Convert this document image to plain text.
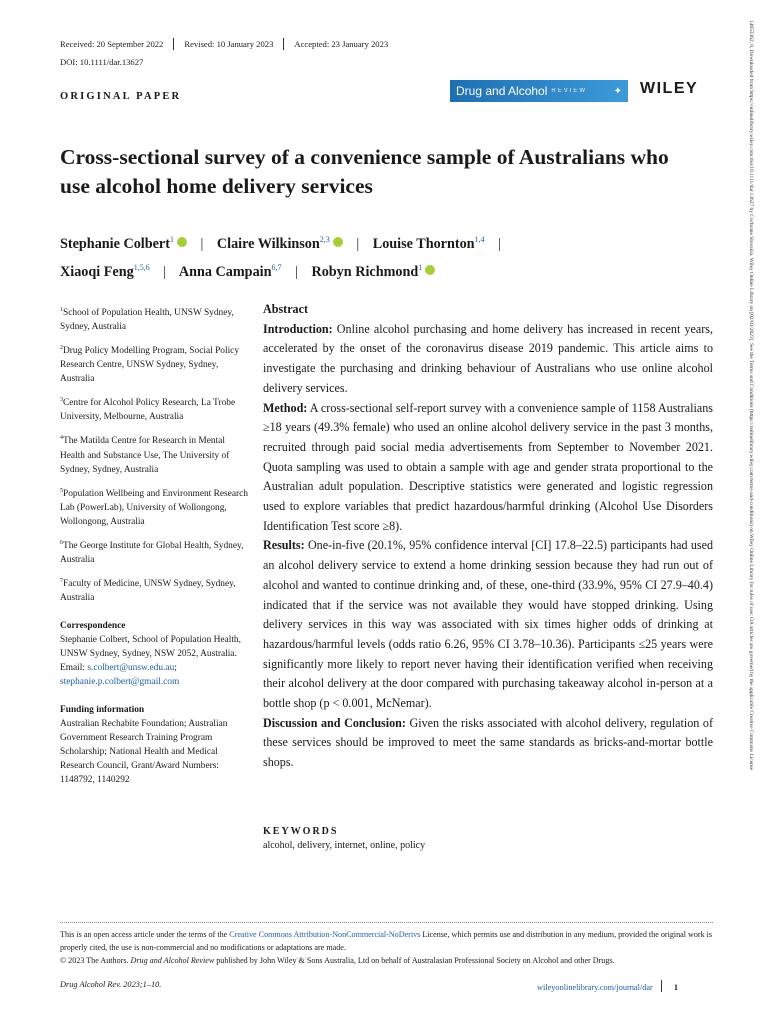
Received: 20 September 2022	Revised: 10 January 2023	Accepted: 23 January 2023
DOI: 10.1111/dar.13627
ORIGINAL PAPER	Drug and Alcohol REVIEW	✦ WILEY
Cross-sectional survey of a convenience sample of Australians who use alcohol home delivery services
Stephanie Colbert$^1$ | Claire Wilkinson$^{2,3}$ | Louise Thornton$^{1,4}$ |
Xiaoqi Feng$^{1,5,6}$ | Anna Campain$^{6,7}$ | Robyn Richmond$^1$

$^1$School of Population Health, UNSW Sydney, Sydney, Australia

$^2$Drug Policy Modelling Program, Social Policy Research Centre, UNSW Sydney, Sydney, Australia

$^3$Centre for Alcohol Policy Research, La Trobe University, Melbourne, Australia

$^4$The Matilda Centre for Research in Mental Health and Substance Use, The University of Sydney, Sydney, Australia

$^5$Population Wellbeing and Environment Research Lab (PowerLab), University of Wollongong, Wollongong, Australia

$^6$The George Institute for Global Health, Sydney, Australia

$^7$Faculty of Medicine, UNSW Sydney, Sydney, Australia

Correspondence

Stephanie Colbert, School of Population Health, UNSW Sydney, Sydney, NSW 2052, Australia.
Email: s.colbert@unsw.edu.au; stephanie.p.colbert@gmail.com

Funding information

Australian Rechabite Foundation; Australian Government Research Training Program Scholarship; National Health and Medical Research Council, Grant/Award Numbers: 1148792, 1140292

Abstract

Introduction: Online alcohol purchasing and home delivery has increased in recent years, accelerated by the onset of the coronavirus disease 2019 pandemic. This article aims to investigate the purchasing and drinking behaviour of Australians who use online alcohol delivery services.

Method: A cross-sectional self-report survey with a convenience sample of 1158 Australians ≥18 years (49.3% female) who used an online alcohol delivery service in the past 3 months, recruited through paid social media advertisements from September to November 2021. Quota sampling was used to obtain a sample with age and gender strata proportional to the Australian adult population. Descriptive statistics were generated and logistic regression used to explore variables that predict hazardous/harmful drinking (Alcohol Use Disorders Identification Test score ≥8).

Results: One-in-five (20.1%, 95% confidence interval [CI] 17.8–22.5) participants had used an alcohol delivery service to extend a home drinking session because they had run out of alcohol and wanted to continue drinking and, of these, one-third (33.9%, 95% CI 27.9–40.4) indicated that if the service was not available they would have stopped drinking. Using delivery services in this way was associated with six times higher odds of drinking at hazardous/harmful levels (odds ratio 6.26, 95% CI 3.78–10.36). Participants ≤25 years were significantly more likely to report never having their identification verified when receiving their alcohol delivery at the door compared with purchasing takeaway alcohol in-person at a bottle shop (p < 0.001, McNemar).

Discussion and Conclusion: Given the risks associated with alcohol delivery, regulation of these services should be improved to meet the same standards as bricks-and-mortar bottle shops.

KEYWORDS
alcohol, delivery, internet, online, policy
This is an open access article under the terms of the Creative Commons Attribution-NonCommercial-NoDerivs License, which permits use and distribution in any medium, provided the original work is properly cited, the use is non-commercial and no modifications or adaptations are made.
© 2023 The Authors. Drug and Alcohol Review published by John Wiley & Sons Australia, Ltd on behalf of Australasian Professional Society on Alcohol and other Drugs.
Drug Alcohol Rev. 2023;1–10.	wileyonlinelibrary.com/journal/dar	1
14653362, 0, Downloaded from https://onlinelibrary.wiley.com/doi/10.1111/dar.13627 by Cochrane Slovakia, Wiley Online Library on [02/03/2023]. See the Terms and Conditions (https://onlinelibrary.wiley.com/terms-and-conditions) on Wiley Online Library for rules of use; OA articles are governed by the applicable Creative Commons License
